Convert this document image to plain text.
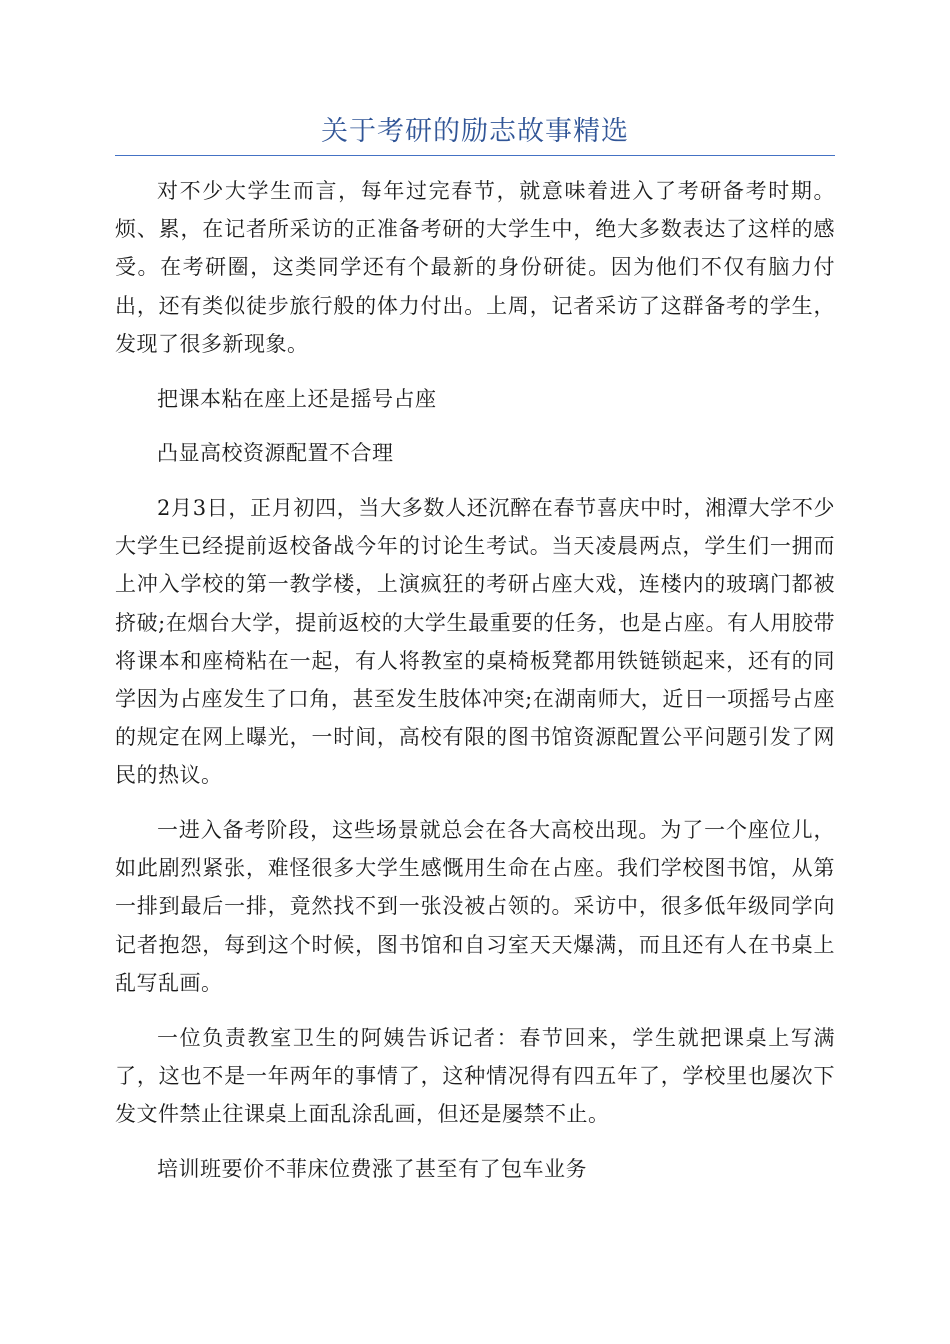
关于考研的励志故事精选

对不少大学生而言，每年过完春节，就意味着进入了考研备考时期。烦、累，在记者所采访的正准备考研的大学生中，绝大多数表达了这样的感受。在考研圈，这类同学还有个最新的身份研徒。因为他们不仅有脑力付出，还有类似徒步旅行般的体力付出。上周，记者采访了这群备考的学生，发现了很多新现象。

把课本粘在座上还是摇号占座

凸显高校资源配置不合理

2月3日，正月初四，当大多数人还沉醉在春节喜庆中时，湘潭大学不少大学生已经提前返校备战今年的讨论生考试。当天凌晨两点，学生们一拥而上冲入学校的第一教学楼，上演疯狂的考研占座大戏，连楼内的玻璃门都被挤破;在烟台大学，提前返校的大学生最重要的任务，也是占座。有人用胶带将课本和座椅粘在一起，有人将教室的桌椅板凳都用铁链锁起来，还有的同学因为占座发生了口角，甚至发生肢体冲突;在湖南师大，近日一项摇号占座的规定在网上曝光，一时间，高校有限的图书馆资源配置公平问题引发了网民的热议。

一进入备考阶段，这些场景就总会在各大高校出现。为了一个座位儿，如此剧烈紧张，难怪很多大学生感慨用生命在占座。我们学校图书馆，从第一排到最后一排，竟然找不到一张没被占领的。采访中，很多低年级同学向记者抱怨，每到这个时候，图书馆和自习室天天爆满，而且还有人在书桌上乱写乱画。

一位负责教室卫生的阿姨告诉记者：春节回来，学生就把课桌上写满了，这也不是一年两年的事情了，这种情况得有四五年了，学校里也屡次下发文件禁止往课桌上面乱涂乱画，但还是屡禁不止。

培训班要价不菲床位费涨了甚至有了包车业务
